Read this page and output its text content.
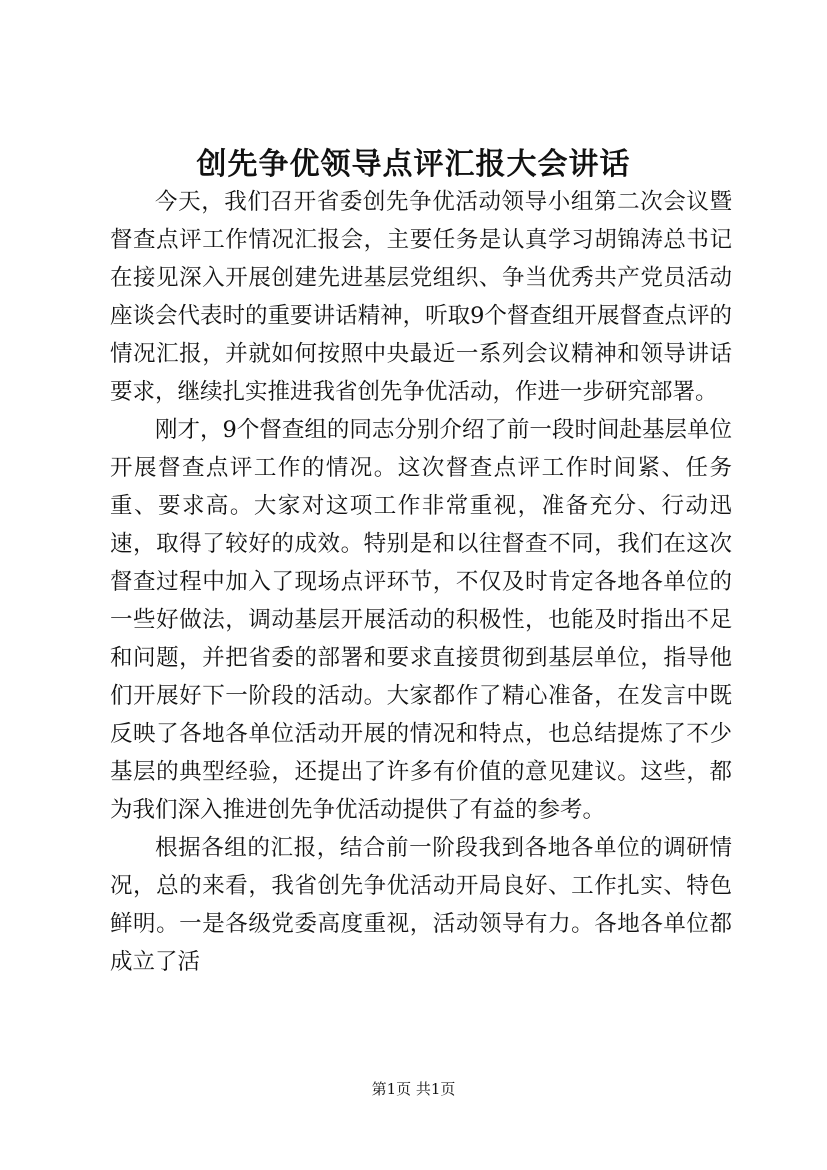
创先争优领导点评汇报大会讲话

今天，我们召开省委创先争优活动领导小组第二次会议暨督查点评工作情况汇报会，主要任务是认真学习胡锦涛总书记在接见深入开展创建先进基层党组织、争当优秀共产党员活动座谈会代表时的重要讲话精神，听取9个督查组开展督查点评的情况汇报，并就如何按照中央最近一系列会议精神和领导讲话要求，继续扎实推进我省创先争优活动，作进一步研究部署。

刚才，9个督查组的同志分别介绍了前一段时间赴基层单位开展督查点评工作的情况。这次督查点评工作时间紧、任务重、要求高。大家对这项工作非常重视，准备充分、行动迅速，取得了较好的成效。特别是和以往督查不同，我们在这次督查过程中加入了现场点评环节，不仅及时肯定各地各单位的一些好做法，调动基层开展活动的积极性，也能及时指出不足和问题，并把省委的部署和要求直接贯彻到基层单位，指导他们开展好下一阶段的活动。大家都作了精心准备，在发言中既反映了各地各单位活动开展的情况和特点，也总结提炼了不少基层的典型经验，还提出了许多有价值的意见建议。这些，都为我们深入推进创先争优活动提供了有益的参考。

根据各组的汇报，结合前一阶段我到各地各单位的调研情况，总的来看，我省创先争优活动开局良好、工作扎实、特色鲜明。一是各级党委高度重视，活动领导有力。各地各单位都成立了活

第1页 共1页
